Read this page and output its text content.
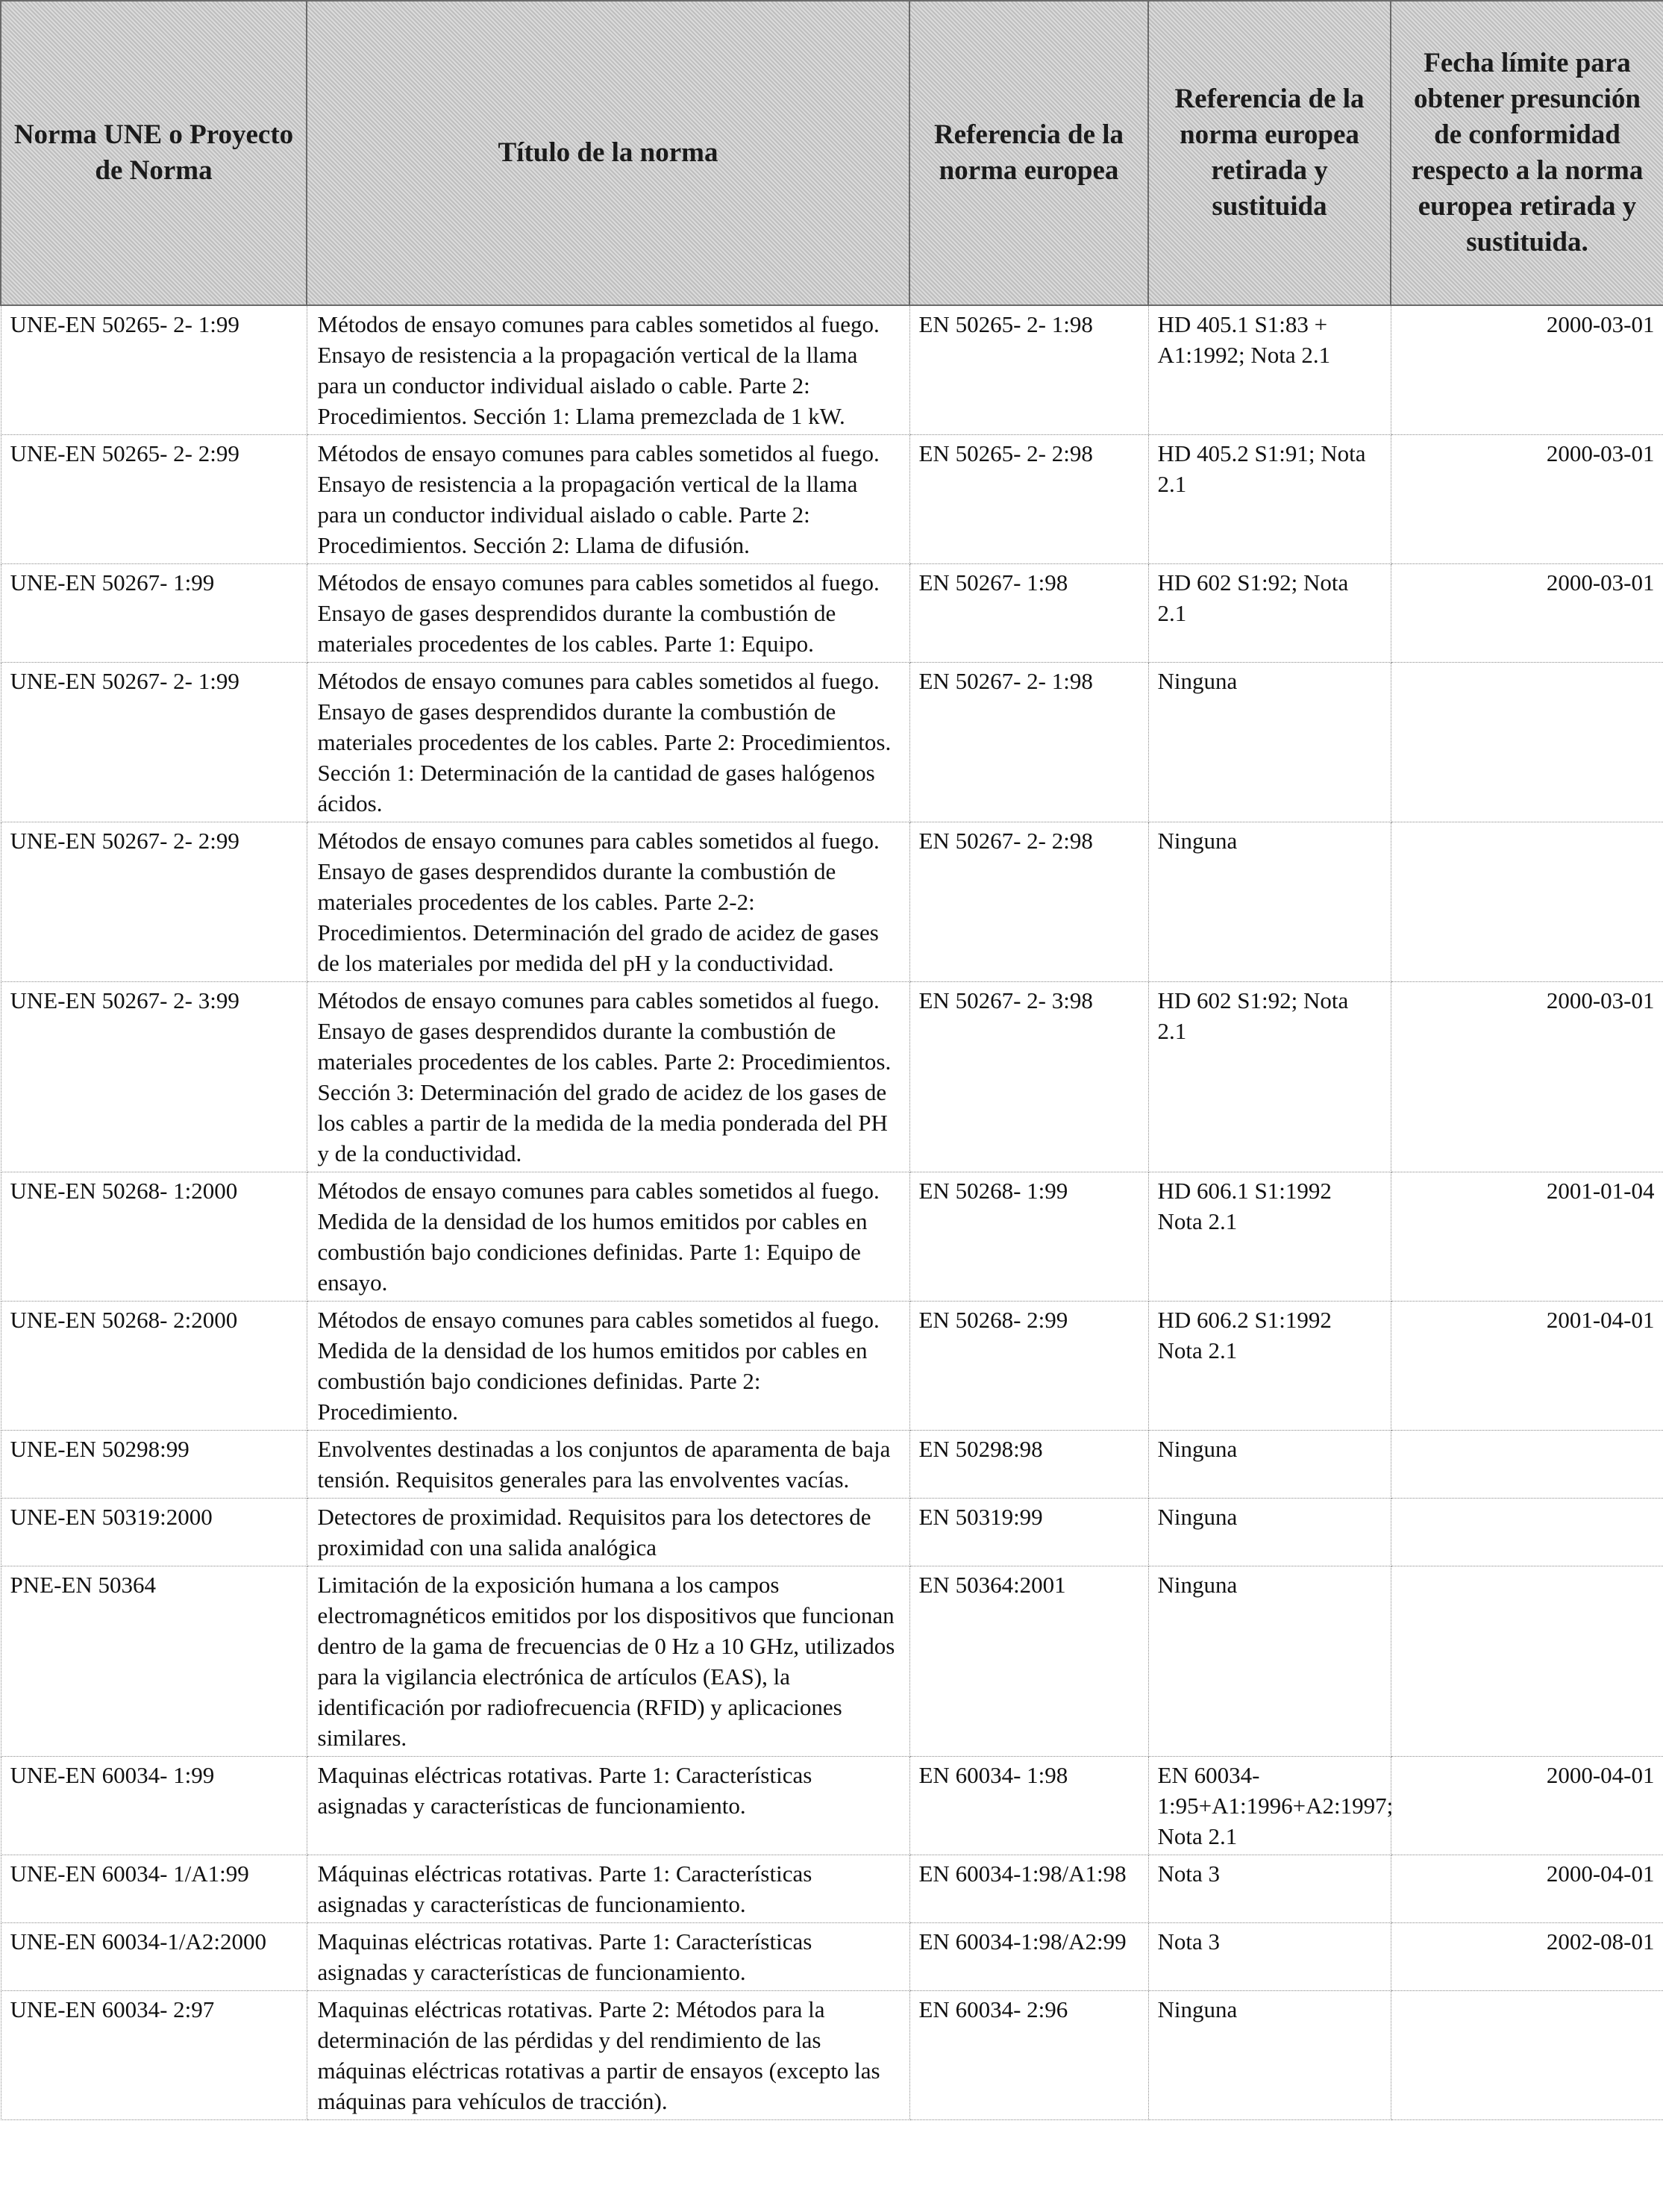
Norma UNE o Proyecto de Norma	Título de la norma	Referencia de la norma europea	Referencia de la norma europea retirada y sustituida	Fecha límite para obtener presunción de conformidad respecto a la norma europea retirada y sustituida.

UNE-EN 50265- 2- 1:99	Métodos de ensayo comunes para cables sometidos al fuego. Ensayo de resistencia a la propagación vertical de la llama para un conductor individual aislado o cable. Parte 2: Procedimientos. Sección 1: Llama premezclada de 1 kW.	EN 50265- 2- 1:98	HD 405.1 S1:83 + A1:1992; Nota 2.1	2000-03-01
UNE-EN 50265- 2- 2:99	Métodos de ensayo comunes para cables sometidos al fuego. Ensayo de resistencia a la propagación vertical de la llama para un conductor individual aislado o cable. Parte 2: Procedimientos. Sección 2: Llama de difusión.	EN 50265- 2- 2:98	HD 405.2 S1:91; Nota 2.1	2000-03-01
UNE-EN 50267- 1:99	Métodos de ensayo comunes para cables sometidos al fuego. Ensayo de gases desprendidos durante la combustión de materiales procedentes de los cables. Parte 1: Equipo.	EN 50267- 1:98	HD 602 S1:92; Nota 2.1	2000-03-01
UNE-EN 50267- 2- 1:99	Métodos de ensayo comunes para cables sometidos al fuego. Ensayo de gases desprendidos durante la combustión de materiales procedentes de los cables. Parte 2: Procedimientos. Sección 1: Determinación de la cantidad de gases halógenos ácidos.	EN 50267- 2- 1:98	Ninguna	
UNE-EN 50267- 2- 2:99	Métodos de ensayo comunes para cables sometidos al fuego. Ensayo de gases desprendidos durante la combustión de materiales procedentes de los cables. Parte 2-2: Procedimientos. Determinación del grado de acidez de gases de los materiales por medida del pH y la conductividad.	EN 50267- 2- 2:98	Ninguna	
UNE-EN 50267- 2- 3:99	Métodos de ensayo comunes para cables sometidos al fuego. Ensayo de gases desprendidos durante la combustión de materiales procedentes de los cables. Parte 2: Procedimientos. Sección 3: Determinación del grado de acidez de los gases de los cables a partir de la medida de la media ponderada del PH y de la conductividad.	EN 50267- 2- 3:98	HD 602 S1:92; Nota 2.1	2000-03-01
UNE-EN 50268- 1:2000	Métodos de ensayo comunes para cables sometidos al fuego. Medida de la densidad de los humos emitidos por cables en combustión bajo condiciones definidas. Parte 1: Equipo de ensayo.	EN 50268- 1:99	HD 606.1 S1:1992 Nota 2.1	2001-01-04
UNE-EN 50268- 2:2000	Métodos de ensayo comunes para cables sometidos al fuego. Medida de la densidad de los humos emitidos por cables en combustión bajo condiciones definidas. Parte 2: Procedimiento.	EN 50268- 2:99	HD 606.2 S1:1992 Nota 2.1	2001-04-01
UNE-EN 50298:99	Envolventes destinadas a los conjuntos de aparamenta de baja tensión. Requisitos generales para las envolventes vacías.	EN 50298:98	Ninguna	
UNE-EN 50319:2000	Detectores de proximidad. Requisitos para los detectores de proximidad con una salida analógica	EN 50319:99	Ninguna	
PNE-EN 50364	Limitación de la exposición humana a los campos electromagnéticos emitidos por los dispositivos que funcionan dentro de la gama de frecuencias de 0 Hz a 10 GHz, utilizados para la vigilancia electrónica de artículos (EAS), la identificación por radiofrecuencia (RFID) y aplicaciones similares.	EN 50364:2001	Ninguna	
UNE-EN 60034- 1:99	Maquinas eléctricas rotativas. Parte 1: Características asignadas y características de funcionamiento.	EN 60034- 1:98	EN 60034-1:95+A1:1996+A2:1997; Nota 2.1	2000-04-01
UNE-EN 60034- 1/A1:99	Máquinas eléctricas rotativas. Parte 1: Características asignadas y características de funcionamiento.	EN 60034-1:98/A1:98	Nota 3	2000-04-01
UNE-EN 60034-1/A2:2000	Maquinas eléctricas rotativas. Parte 1: Características asignadas y características de funcionamiento.	EN 60034-1:98/A2:99	Nota 3	2002-08-01
UNE-EN 60034- 2:97	Maquinas eléctricas rotativas. Parte 2: Métodos para la determinación de las pérdidas y del rendimiento de las máquinas eléctricas rotativas a partir de ensayos (excepto las máquinas para vehículos de tracción).	EN 60034- 2:96	Ninguna	
